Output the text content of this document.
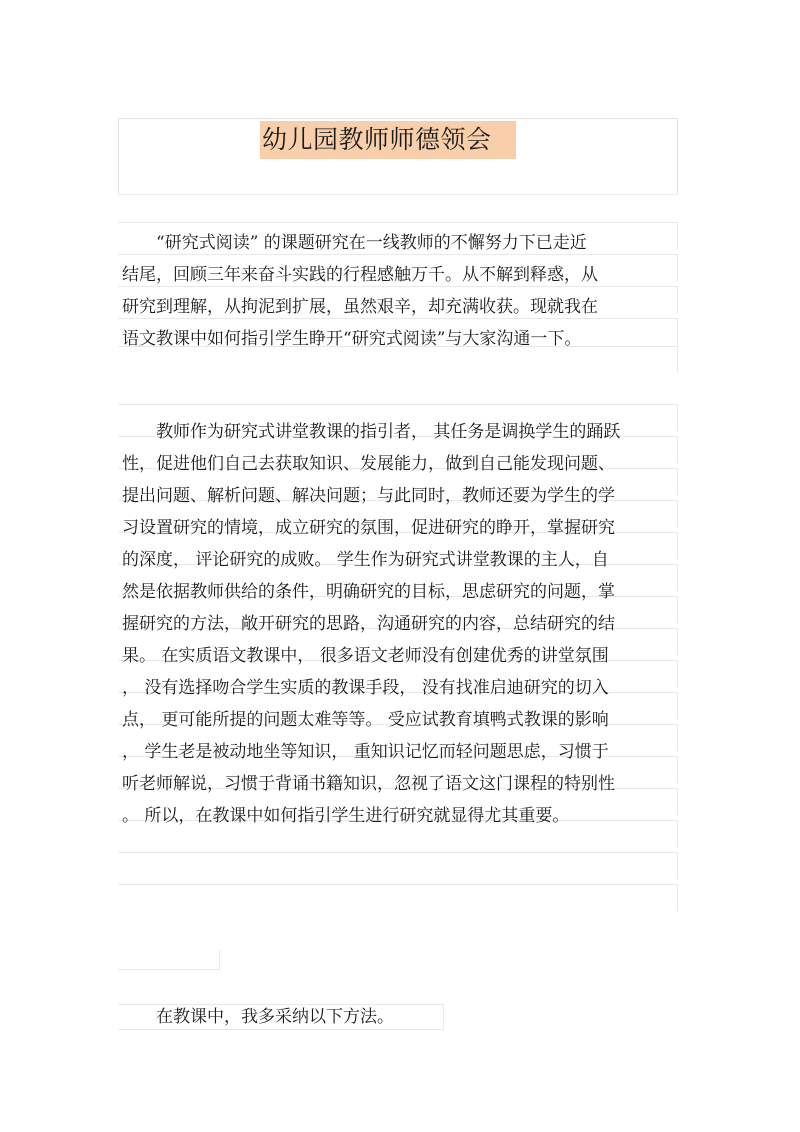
幼儿园教师师德领会
　　“研究式阅读” 的课题研究在一线教师的不懈努力下已走近
结尾，回顾三年来奋斗实践的行程感触万千。从不解到释惑，从
研究到理解，从拘泥到扩展，虽然艰辛，却充满收获。现就我在
语文教课中如何指引学生睁开“研究式阅读”与大家沟通一下。
　　教师作为研究式讲堂教课的指引者， 其任务是调换学生的踊跃
性，促进他们自己去获取知识、发展能力，做到自己能发现问题、
提出问题、解析问题、解决问题；与此同时，教师还要为学生的学
习设置研究的情境，成立研究的氛围，促进研究的睁开，掌握研究
的深度， 评论研究的成败。 学生作为研究式讲堂教课的主人，自
然是依据教师供给的条件，明确研究的目标，思虑研究的问题，掌
握研究的方法，敞开研究的思路，沟通研究的内容，总结研究的结
果。 在实质语文教课中， 很多语文老师没有创建优秀的讲堂氛围
， 没有选择吻合学生实质的教课手段， 没有找准启迪研究的切入
点， 更可能所提的问题太难等等。 受应试教育填鸭式教课的影响
， 学生老是被动地坐等知识， 重知识记忆而轻问题思虑，习惯于
听老师解说，习惯于背诵书籍知识，忽视了语文这门课程的特别性
。 所以，在教课中如何指引学生进行研究就显得尤其重要。
　　在教课中，我多采纳以下方法。
